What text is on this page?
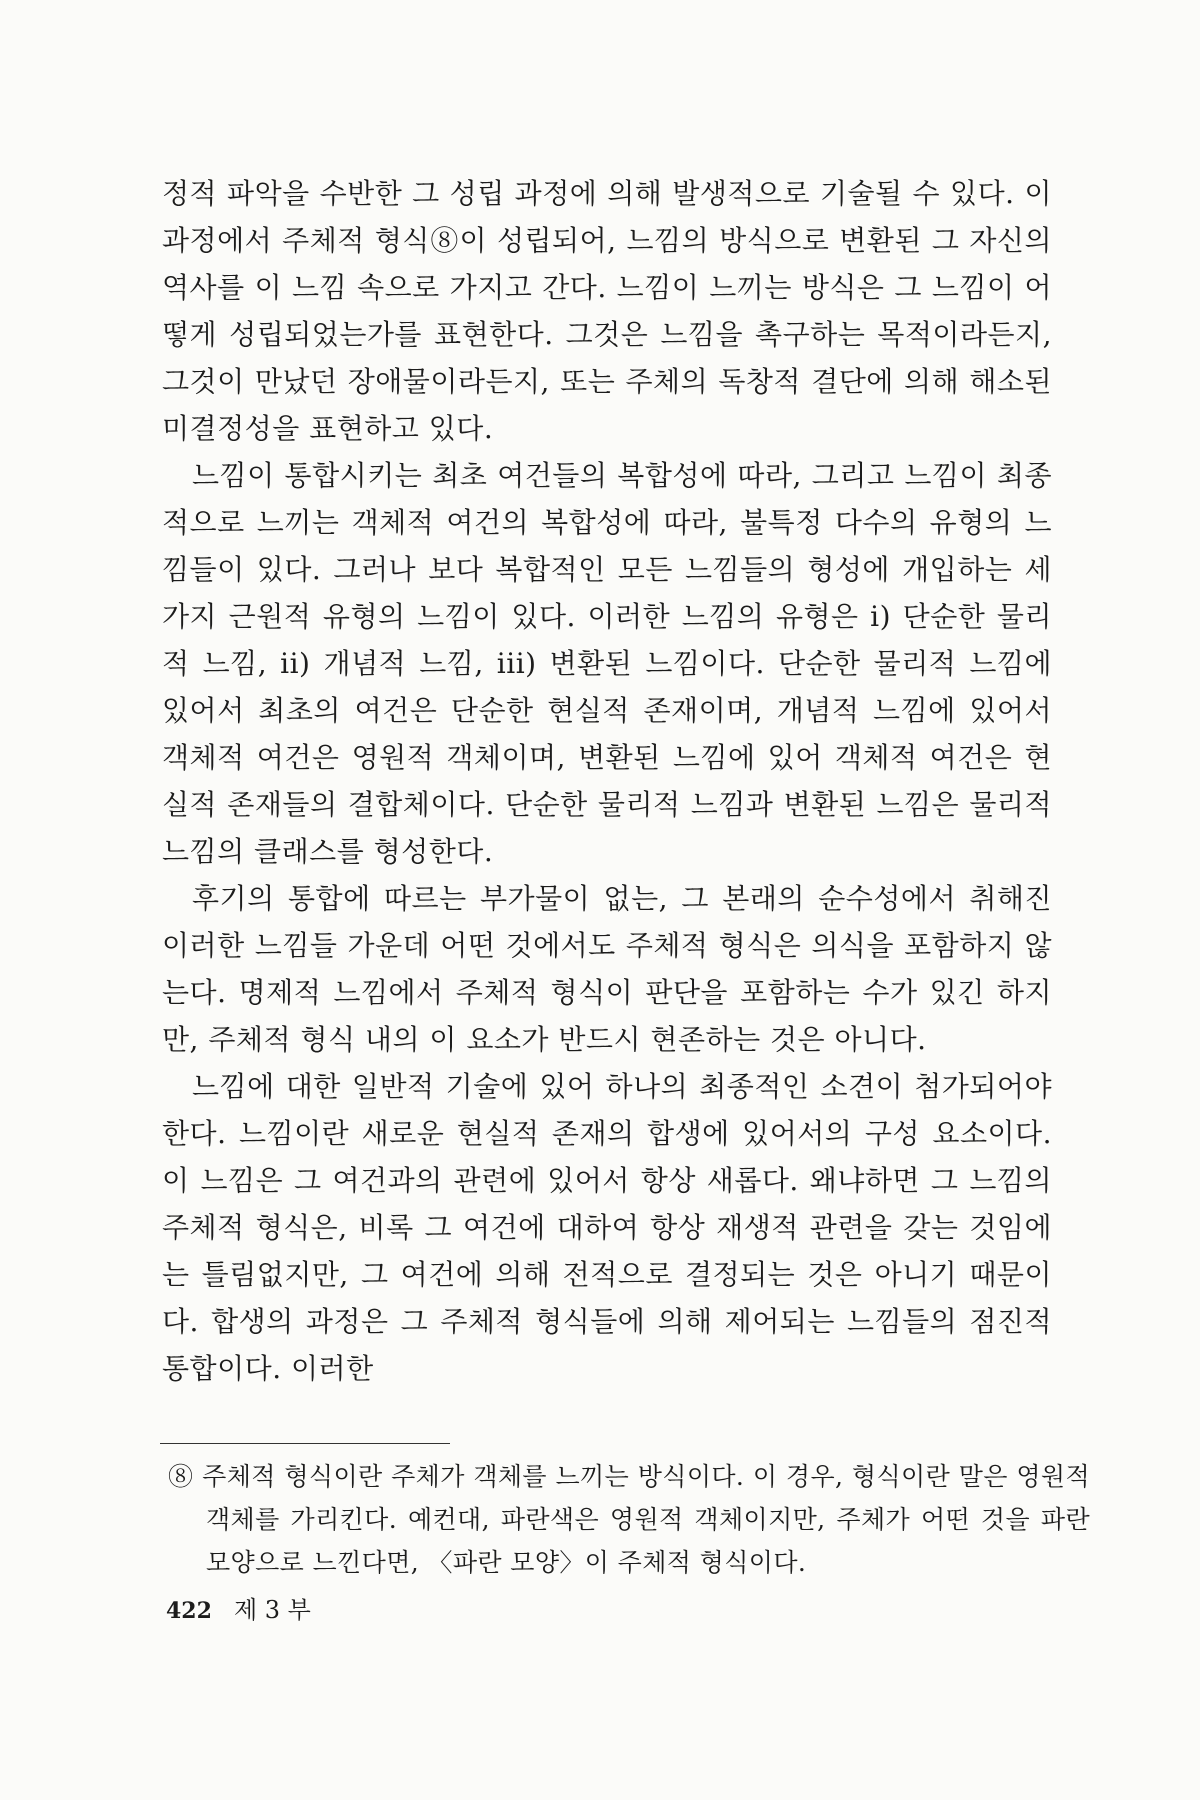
정적 파악을 수반한 그 성립 과정에 의해 발생적으로 기술될 수 있다. 이 과정에서 주체적 형식⑧이 성립되어, 느낌의 방식으로 변환된 그 자신의 역사를 이 느낌 속으로 가지고 간다. 느낌이 느끼는 방식은 그 느낌이 어떻게 성립되었는가를 표현한다. 그것은 느낌을 촉구하는 목적이라든지, 그것이 만났던 장애물이라든지, 또는 주체의 독창적 결단에 의해 해소된 미결정성을 표현하고 있다.

느낌이 통합시키는 최초 여건들의 복합성에 따라, 그리고 느낌이 최종적으로 느끼는 객체적 여건의 복합성에 따라, 불특정 다수의 유형의 느낌들이 있다. 그러나 보다 복합적인 모든 느낌들의 형성에 개입하는 세 가지 근원적 유형의 느낌이 있다. 이러한 느낌의 유형은 i) 단순한 물리적 느낌, ii) 개념적 느낌, iii) 변환된 느낌이다. 단순한 물리적 느낌에 있어서 최초의 여건은 단순한 현실적 존재이며, 개념적 느낌에 있어서 객체적 여건은 영원적 객체이며, 변환된 느낌에 있어 객체적 여건은 현실적 존재들의 결합체이다. 단순한 물리적 느낌과 변환된 느낌은 물리적 느낌의 클래스를 형성한다.

후기의 통합에 따르는 부가물이 없는, 그 본래의 순수성에서 취해진 이러한 느낌들 가운데 어떤 것에서도 주체적 형식은 의식을 포함하지 않는다. 명제적 느낌에서 주체적 형식이 판단을 포함하는 수가 있긴 하지만, 주체적 형식 내의 이 요소가 반드시 현존하는 것은 아니다.

느낌에 대한 일반적 기술에 있어 하나의 최종적인 소견이 첨가되어야 한다. 느낌이란 새로운 현실적 존재의 합생에 있어서의 구성 요소이다. 이 느낌은 그 여건과의 관련에 있어서 항상 새롭다. 왜냐하면 그 느낌의 주체적 형식은, 비록 그 여건에 대하여 항상 재생적 관련을 갖는 것임에는 틀림없지만, 그 여건에 의해 전적으로 결정되는 것은 아니기 때문이다. 합생의 과정은 그 주체적 형식들에 의해 제어되는 느낌들의 점진적 통합이다. 이러한

⑧ 주체적 형식이란 주체가 객체를 느끼는 방식이다. 이 경우, 형식이란 말은 영원적 객체를 가리킨다. 예컨대, 파란색은 영원적 객체이지만, 주체가 어떤 것을 파란 모양으로 느낀다면, 〈파란 모양〉이 주체적 형식이다.
422 제 3 부
